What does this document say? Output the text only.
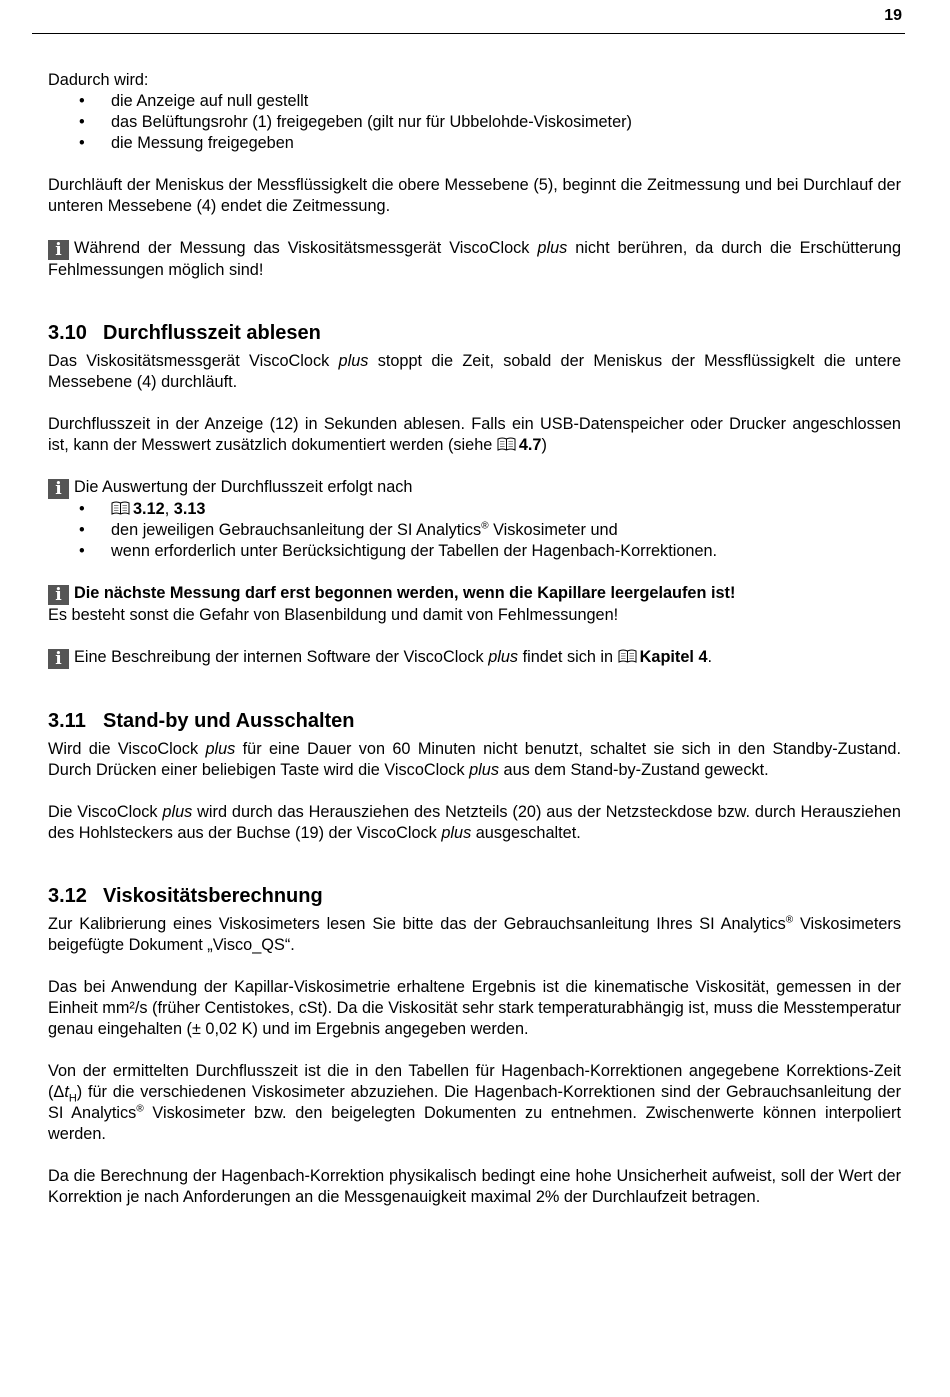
19

Dadurch wird:

• die Anzeige auf null gestellt
• das Belüftungsrohr (1) freigegeben (gilt nur für Ubbelohde-Viskosimeter)
• die Messung freigegeben

Durchläuft der Meniskus der Messflüssigkelt die obere Messebene (5), beginnt die Zeitmessung und bei Durchlauf der unteren Messebene (4) endet die Zeitmessung.

i Während der Messung das Viskositätsmessgerät ViscoClock plus nicht berühren, da durch die Erschütterung Fehlmessungen möglich sind!

3.10 Durchflusszeit ablesen

Das Viskositätsmessgerät ViscoClock plus stoppt die Zeit, sobald der Meniskus der Messflüssigkelt die untere Messebene (4) durchläuft.

Durchflusszeit in der Anzeige (12) in Sekunden ablesen. Falls ein USB-Datenspeicher oder Drucker angeschlossen ist, kann der Messwert zusätzlich dokumentiert werden (siehe 4.7)

i Die Auswertung der Durchflusszeit erfolgt nach

• 3.12, 3.13
• den jeweiligen Gebrauchsanleitung der SI Analytics® Viskosimeter und
• wenn erforderlich unter Berücksichtigung der Tabellen der Hagenbach-Korrektionen.

i Die nächste Messung darf erst begonnen werden, wenn die Kapillare leergelaufen ist!
Es besteht sonst die Gefahr von Blasenbildung und damit von Fehlmessungen!

i Eine Beschreibung der internen Software der ViscoClock plus findet sich in Kapitel 4.

3.11 Stand-by und Ausschalten

Wird die ViscoClock plus für eine Dauer von 60 Minuten nicht benutzt, schaltet sie sich in den Standby-Zustand. Durch Drücken einer beliebigen Taste wird die ViscoClock plus aus dem Stand-by-Zustand geweckt.

Die ViscoClock plus wird durch das Herausziehen des Netzteils (20) aus der Netzsteckdose bzw. durch Herausziehen des Hohlsteckers aus der Buchse (19) der ViscoClock plus ausgeschaltet.

3.12 Viskositätsberechnung

Zur Kalibrierung eines Viskosimeters lesen Sie bitte das der Gebrauchsanleitung Ihres SI Analytics® Viskosimeters beigefügte Dokument „Visco_QS“.

Das bei Anwendung der Kapillar-Viskosimetrie erhaltene Ergebnis ist die kinematische Viskosität, gemessen in der Einheit mm²/s (früher Centistokes, cSt). Da die Viskosität sehr stark temperaturabhängig ist, muss die Messtemperatur genau eingehalten (± 0,02 K) und im Ergebnis angegeben werden.

Von der ermittelten Durchflusszeit ist die in den Tabellen für Hagenbach-Korrektionen angegebene Korrektions-Zeit $(\Delta t_H)$ für die verschiedenen Viskosimeter abzuziehen. Die Hagenbach-Korrektionen sind der Gebrauchsanleitung der SI Analytics® Viskosimeter bzw. den beigelegten Dokumenten zu entnehmen. Zwischenwerte können interpoliert werden.

Da die Berechnung der Hagenbach-Korrektion physikalisch bedingt eine hohe Unsicherheit aufweist, soll der Wert der Korrektion je nach Anforderungen an die Messgenauigkeit maximal 2% der Durchlaufzeit betragen.
